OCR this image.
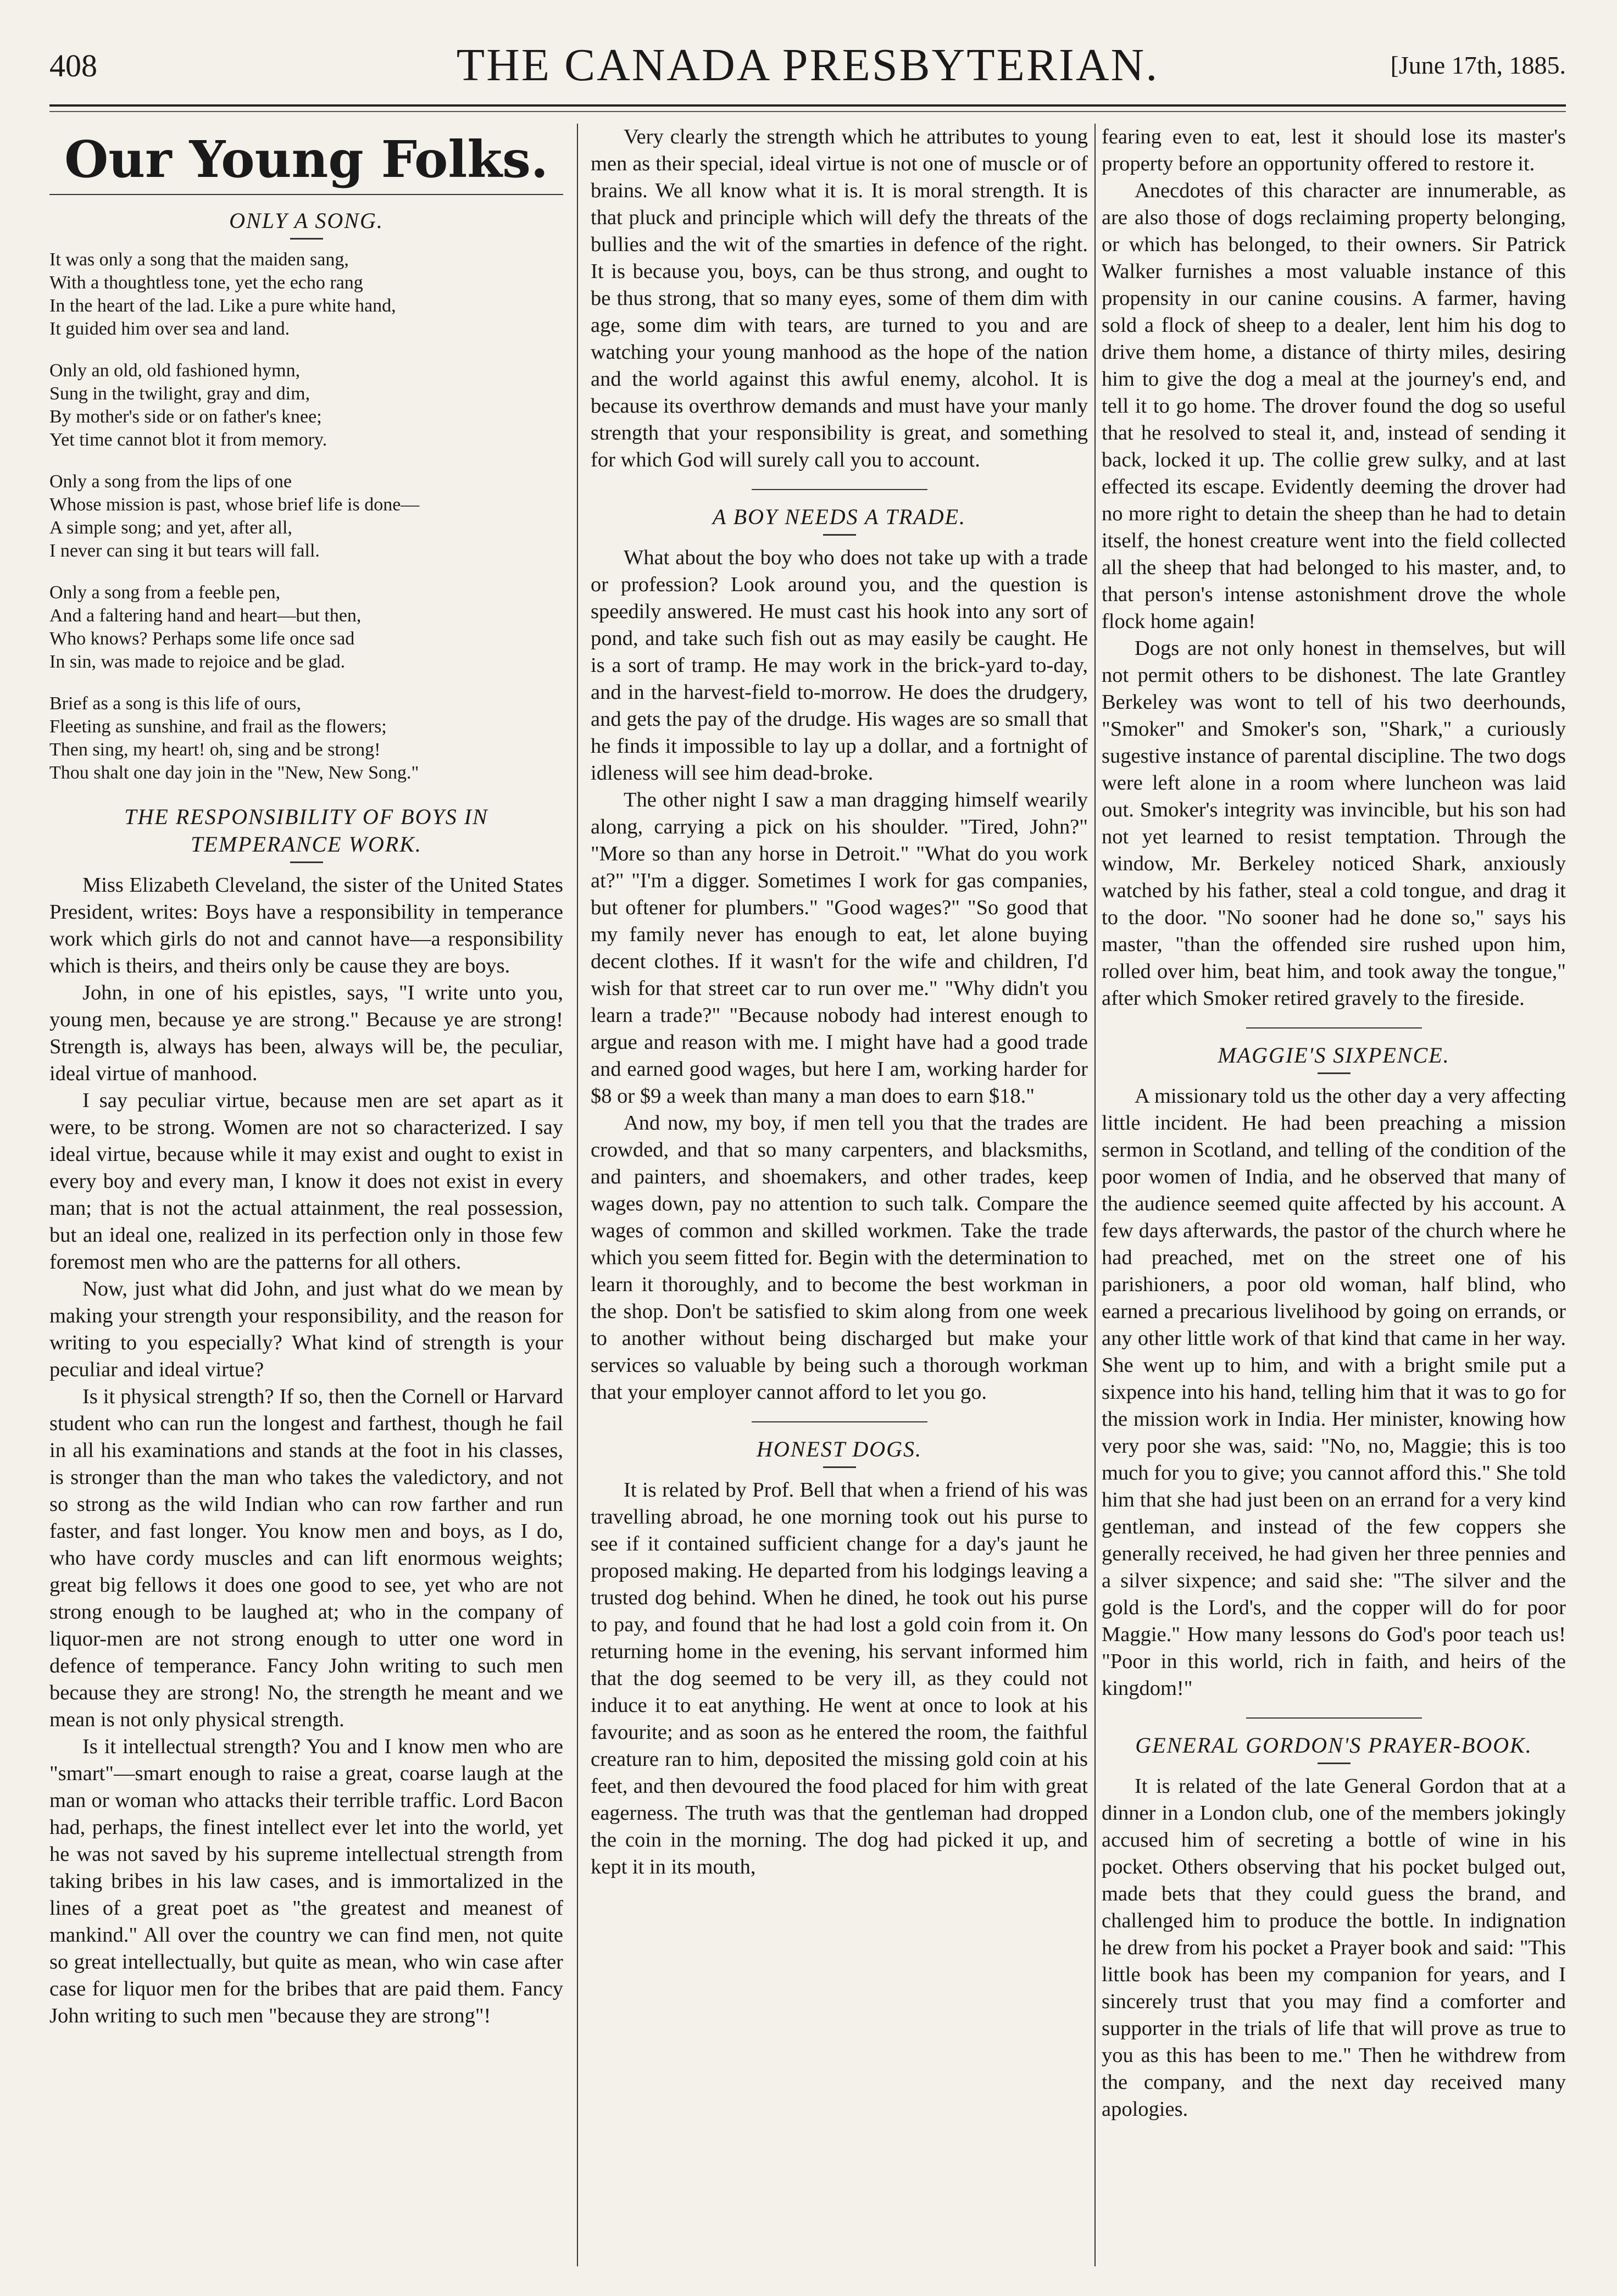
408	THE CANADA PRESBYTERIAN.	[June 17th, 1885.
Our Young Folks.
ONLY A SONG.
It was only a song that the maiden sang,
With a thoughtless tone, yet the echo rang
In the heart of the lad. Like a pure white hand,
It guided him over sea and land.
Only an old, old fashioned hymn,
Sung in the twilight, gray and dim,
By mother's side or on father's knee;
Yet time cannot blot it from memory.
Only a song from the lips of one
Whose mission is past, whose brief life is done—
A simple song; and yet, after all,
I never can sing it but tears will fall.
Only a song from a feeble pen,
And a faltering hand and heart—but then,
Who knows? Perhaps some life once sad
In sin, was made to rejoice and be glad.
Brief as a song is this life of ours,
Fleeting as sunshine, and frail as the flowers;
Then sing, my heart! oh, sing and be strong!
Thou shalt one day join in the "New, New Song."
THE RESPONSIBILITY OF BOYS IN TEMPERANCE WORK.

Miss Elizabeth Cleveland, the sister of the United States President, writes: Boys have a responsibility in temperance work which girls do not and cannot have—a responsibility which is theirs, and theirs only be cause they are boys.

John, in one of his epistles, says, "I write unto you, young men, because ye are strong." Because ye are strong! Strength is, always has been, always will be, the peculiar, ideal virtue of manhood.

I say peculiar virtue, because men are set apart as it were, to be strong. Women are not so characterized. I say ideal virtue, because while it may exist and ought to exist in every boy and every man, I know it does not exist in every man; that is not the actual attainment, the real possession, but an ideal one, realized in its perfection only in those few foremost men who are the patterns for all others.

Now, just what did John, and just what do we mean by making your strength your responsibility, and the reason for writing to you especially? What kind of strength is your peculiar and ideal virtue?

Is it physical strength? If so, then the Cornell or Harvard student who can run the longest and farthest, though he fail in all his examinations and stands at the foot in his classes, is stronger than the man who takes the valedictory, and not so strong as the wild Indian who can row farther and run faster, and fast longer. You know men and boys, as I do, who have cordy muscles and can lift enormous weights; great big fellows it does one good to see, yet who are not strong enough to be laughed at; who in the company of liquor-men are not strong enough to utter one word in defence of temperance. Fancy John writing to such men because they are strong! No, the strength he meant and we mean is not only physical strength.

Is it intellectual strength? You and I know men who are "smart"—smart enough to raise a great, coarse laugh at the man or woman who attacks their terrible traffic. Lord Bacon had, perhaps, the finest intellect ever let into the world, yet he was not saved by his supreme intellectual strength from taking bribes in his law cases, and is immortalized in the lines of a great poet as "the greatest and meanest of mankind." All over the country we can find men, not quite so great intellectually, but quite as mean, who win case after case for liquor men for the bribes that are paid them. Fancy John writing to such men "because they are strong"!

Very clearly the strength which he attributes to young men as their special, ideal virtue is not one of muscle or of brains. We all know what it is. It is moral strength. It is that pluck and principle which will defy the threats of the bullies and the wit of the smarties in defence of the right. It is because you, boys, can be thus strong, and ought to be thus strong, that so many eyes, some of them dim with age, some dim with tears, are turned to you and are watching your young manhood as the hope of the nation and the world against this awful enemy, alcohol. It is because its overthrow demands and must have your manly strength that your responsibility is great, and something for which God will surely call you to account.

A BOY NEEDS A TRADE.

What about the boy who does not take up with a trade or profession? Look around you, and the question is speedily answered. He must cast his hook into any sort of pond, and take such fish out as may easily be caught. He is a sort of tramp. He may work in the brick-yard to-day, and in the harvest-field to-morrow. He does the drudgery, and gets the pay of the drudge. His wages are so small that he finds it impossible to lay up a dollar, and a fortnight of idleness will see him dead-broke.

The other night I saw a man dragging himself wearily along, carrying a pick on his shoulder. "Tired, John?" "More so than any horse in Detroit." "What do you work at?" "I'm a digger. Sometimes I work for gas companies, but oftener for plumbers." "Good wages?" "So good that my family never has enough to eat, let alone buying decent clothes. If it wasn't for the wife and children, I'd wish for that street car to run over me." "Why didn't you learn a trade?" "Because nobody had interest enough to argue and reason with me. I might have had a good trade and earned good wages, but here I am, working harder for $8 or $9 a week than many a man does to earn $18."

And now, my boy, if men tell you that the trades are crowded, and that so many carpenters, and blacksmiths, and painters, and shoemakers, and other trades, keep wages down, pay no attention to such talk. Compare the wages of common and skilled workmen. Take the trade which you seem fitted for. Begin with the determination to learn it thoroughly, and to become the best workman in the shop. Don't be satisfied to skim along from one week to another without being discharged but make your services so valuable by being such a thorough workman that your employer cannot afford to let you go.

HONEST DOGS.

It is related by Prof. Bell that when a friend of his was travelling abroad, he one morning took out his purse to see if it contained sufficient change for a day's jaunt he proposed making. He departed from his lodgings leaving a trusted dog behind. When he dined, he took out his purse to pay, and found that he had lost a gold coin from it. On returning home in the evening, his servant informed him that the dog seemed to be very ill, as they could not induce it to eat anything. He went at once to look at his favourite; and as soon as he entered the room, the faithful creature ran to him, deposited the missing gold coin at his feet, and then devoured the food placed for him with great eagerness. The truth was that the gentleman had dropped the coin in the morning. The dog had picked it up, and kept it in its mouth,

fearing even to eat, lest it should lose its master's property before an opportunity offered to restore it.

Anecdotes of this character are innumerable, as are also those of dogs reclaiming property belonging, or which has belonged, to their owners. Sir Patrick Walker furnishes a most valuable instance of this propensity in our canine cousins. A farmer, having sold a flock of sheep to a dealer, lent him his dog to drive them home, a distance of thirty miles, desiring him to give the dog a meal at the journey's end, and tell it to go home. The drover found the dog so useful that he resolved to steal it, and, instead of sending it back, locked it up. The collie grew sulky, and at last effected its escape. Evidently deeming the drover had no more right to detain the sheep than he had to detain itself, the honest creature went into the field collected all the sheep that had belonged to his master, and, to that person's intense astonishment drove the whole flock home again!

Dogs are not only honest in themselves, but will not permit others to be dishonest. The late Grantley Berkeley was wont to tell of his two deerhounds, "Smoker" and Smoker's son, "Shark," a curiously sugestive instance of parental discipline. The two dogs were left alone in a room where luncheon was laid out. Smoker's integrity was invincible, but his son had not yet learned to resist temptation. Through the window, Mr. Berkeley noticed Shark, anxiously watched by his father, steal a cold tongue, and drag it to the door. "No sooner had he done so," says his master, "than the offended sire rushed upon him, rolled over him, beat him, and took away the tongue," after which Smoker retired gravely to the fireside.

MAGGIE'S SIXPENCE.

A missionary told us the other day a very affecting little incident. He had been preaching a mission sermon in Scotland, and telling of the condition of the poor women of India, and he observed that many of the audience seemed quite affected by his account. A few days afterwards, the pastor of the church where he had preached, met on the street one of his parishioners, a poor old woman, half blind, who earned a precarious livelihood by going on errands, or any other little work of that kind that came in her way. She went up to him, and with a bright smile put a sixpence into his hand, telling him that it was to go for the mission work in India. Her minister, knowing how very poor she was, said: "No, no, Maggie; this is too much for you to give; you cannot afford this." She told him that she had just been on an errand for a very kind gentleman, and instead of the few coppers she generally received, he had given her three pennies and a silver sixpence; and said she: "The silver and the gold is the Lord's, and the copper will do for poor Maggie." How many lessons do God's poor teach us! "Poor in this world, rich in faith, and heirs of the kingdom!"

GENERAL GORDON'S PRAYER-BOOK.

It is related of the late General Gordon that at a dinner in a London club, one of the members jokingly accused him of secreting a bottle of wine in his pocket. Others observing that his pocket bulged out, made bets that they could guess the brand, and challenged him to produce the bottle. In indignation he drew from his pocket a Prayer book and said: "This little book has been my companion for years, and I sincerely trust that you may find a comforter and supporter in the trials of life that will prove as true to you as this has been to me." Then he withdrew from the company, and the next day received many apologies.
